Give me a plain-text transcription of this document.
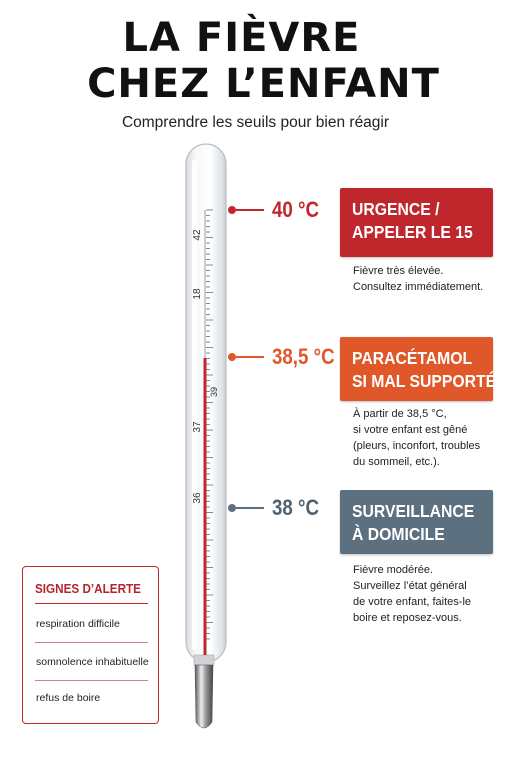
LA FIÈVRE
CHEZ L’ENFANT
Comprendre les seuils pour bien réagir
42
18
39
37
36
40 °C
38,5 °C
38 °C
URGENCE /
APPELER LE 15
Fièvre très élevée.
Consultez immédiatement.
PARACÉTAMOL
SI MAL SUPPORTÉE
À partir de 38,5 °C,
si votre enfant est gêné
(pleurs, inconfort, troubles
du sommeil, etc.).
SURVEILLANCE
À DOMICILE
Fièvre modérée.
Surveillez l’état général
de votre enfant, faites-le
boire et reposez-vous.
SIGNES D’ALERTE
respiration difficile
somnolence inhabituelle
refus de boire
